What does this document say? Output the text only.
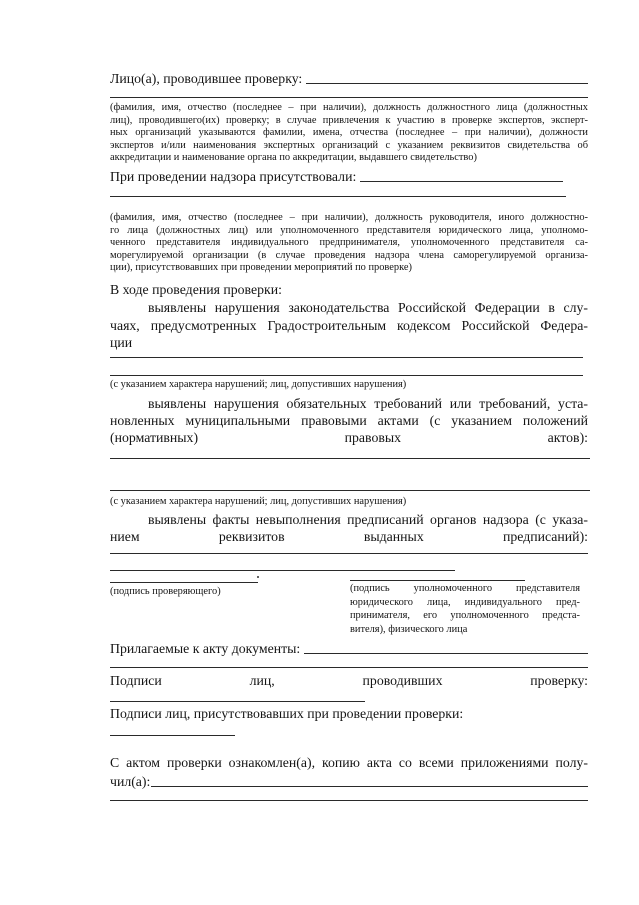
Лицо(а), проводившее проверку:
(фамилия, имя, отчество (последнее – при наличии), должность должностного лица (должностных
лиц), проводившего(их) проверку; в случае привлечения к участию в проверке экспертов, эксперт-
ных организаций указываются фамилии, имена, отчества (последнее – при наличии), должности
экспертов и/или наименования экспертных организаций с указанием реквизитов свидетельства об
аккредитации и наименование органа по аккредитации, выдавшего свидетельство)
При проведении надзора присутствовали:
(фамилия, имя, отчество (последнее – при наличии), должность руководителя, иного должностно-
го лица (должностных лиц) или уполномоченного представителя юридического лица, уполномо-
ченного представителя индивидуального предпринимателя, уполномоченного представителя са-
морегулируемой организации (в случае проведения надзора члена саморегулируемой организа-
ции), присутствовавших при проведении мероприятий по проверке)
В ходе проведения проверки:
выявлены нарушения законодательства Российской Федерации в слу-
чаях, предусмотренных Градостроительным кодексом Российской Федера-
ции
(с указанием характера нарушений; лиц, допустивших нарушения)
выявлены нарушения обязательных требований или требований, уста-
новленных муниципальными правовыми актами (с указанием положений
(нормативных) правовых актов):
(с указанием характера нарушений; лиц, допустивших нарушения)
выявлены факты невыполнения предписаний органов надзора (с указа-
нием реквизитов выданных предписаний):
(подпись проверяющего)	(подпись уполномоченного представителя
юридического лица, индивидуального пред-
принимателя, его уполномоченного предста-
вителя), физического лица
Прилагаемые к акту документы:
Подписи лиц, проводивших проверку:
Подписи лиц, присутствовавших при проведении проверки:
С актом проверки ознакомлен(а), копию акта со всеми приложениями полу-
чил(а):
